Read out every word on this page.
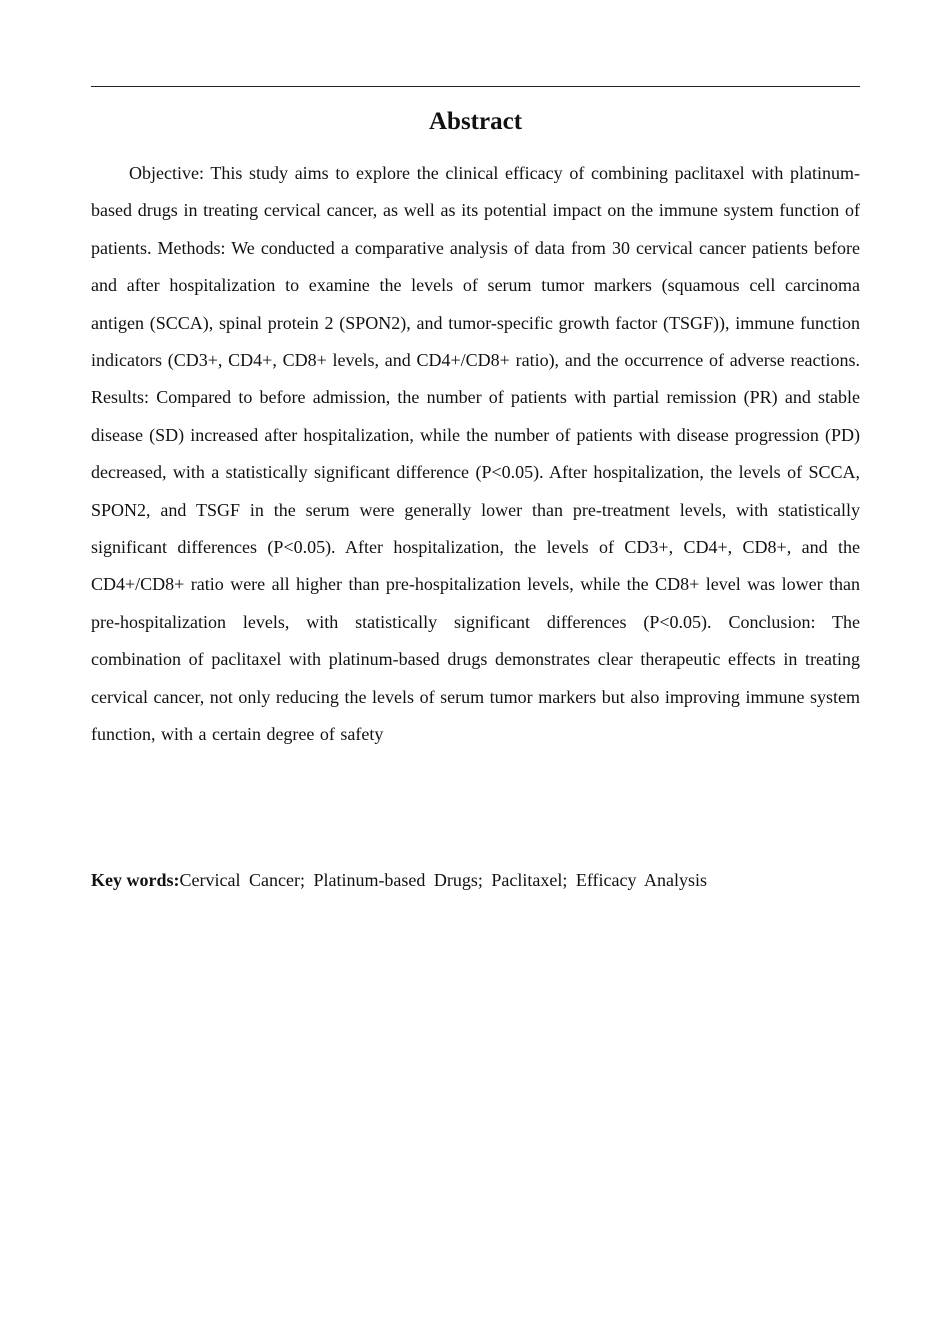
Abstract

Objective: This study aims to explore the clinical efficacy of combining paclitaxel with platinum-based drugs in treating cervical cancer, as well as its potential impact on the immune system function of patients. Methods: We conducted a comparative analysis of data from 30 cervical cancer patients before and after hospitalization to examine the levels of serum tumor markers (squamous cell carcinoma antigen (SCCA), spinal protein 2 (SPON2), and tumor-specific growth factor (TSGF)), immune function indicators (CD3+, CD4+, CD8+ levels, and CD4+/CD8+ ratio), and the occurrence of adverse reactions. Results: Compared to before admission, the number of patients with partial remission (PR) and stable disease (SD) increased after hospitalization, while the number of patients with disease progression (PD) decreased, with a statistically significant difference (P<0.05). After hospitalization, the levels of SCCA, SPON2, and TSGF in the serum were generally lower than pre-treatment levels, with statistically significant differences (P<0.05). After hospitalization, the levels of CD3+, CD4+, CD8+, and the CD4+/CD8+ ratio were all higher than pre-hospitalization levels, while the CD8+ level was lower than pre-hospitalization levels, with statistically significant differences (P<0.05). Conclusion: The combination of paclitaxel with platinum-based drugs demonstrates clear therapeutic effects in treating cervical cancer, not only reducing the levels of serum tumor markers but also improving immune system function, with a certain degree of safety

Key words:Cervical Cancer; Platinum-based Drugs; Paclitaxel; Efficacy Analysis
